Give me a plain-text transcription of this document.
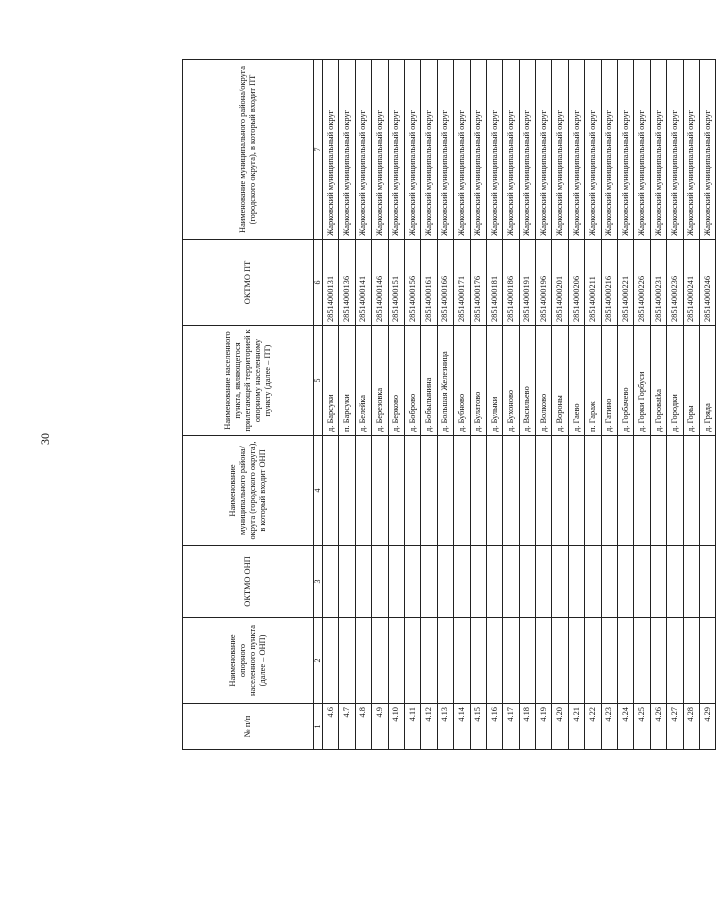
30
№ п/п	Наименование опорного населенного пункта (далее – ОНП)	ОКТМО ОНП	Наименование муниципального района/округа (городского округа), в который входит ОНП	Наименование населенного пункта, являющегося прилегающей территорией к опорному населенному пункту (далее – ПТ)	ОКТМО ПТ	Наименование муниципального района/округа (городского округа), в который входит ПТ
1	2	3	4	5	6	7
4.6				д. Барсуки	28514000131	Жарковский муниципальный округ
4.7				п. Барсуки	28514000136	Жарковский муниципальный округ
4.8				д. Белейка	28514000141	Жарковский муниципальный округ
4.9				д. Березовка	28514000146	Жарковский муниципальный округ
4.10				д. Берково	28514000151	Жарковский муниципальный округ
4.11				д. Боброво	28514000156	Жарковский муниципальный округ
4.12				д. Бобылынина	28514000161	Жарковский муниципальный округ
4.13				д. Большая Железница	28514000166	Жарковский муниципальный округ
4.14				д. Бубново	28514000171	Жарковский муниципальный округ
4.15				д. Булатово	28514000176	Жарковский муниципальный округ
4.16				д. Булыки	28514000181	Жарковский муниципальный округ
4.17				д. Бухоново	28514000186	Жарковский муниципальный округ
4.18				д. Васильево	28514000191	Жарковский муниципальный округ
4.19				д. Волково	28514000196	Жарковский муниципальный округ
4.20				д. Вороны	28514000201	Жарковский муниципальный округ
4.21				д. Гаево	28514000206	Жарковский муниципальный округ
4.22				п. Гараж	28514000211	Жарковский муниципальный округ
4.23				д. Гатино	28514000216	Жарковский муниципальный округ
4.24				д. Горбачево	28514000221	Жарковский муниципальный округ
4.25				д. Горки Горбуси	28514000226	Жарковский муниципальный округ
4.26				д. Горовatka	28514000231	Жарковский муниципальный округ
4.27				д. Городки	28514000236	Жарковский муниципальный округ
4.28				д. Горы	28514000241	Жарковский муниципальный округ
4.29				д. Гряда	28514000246	Жарковский муниципальный округ
